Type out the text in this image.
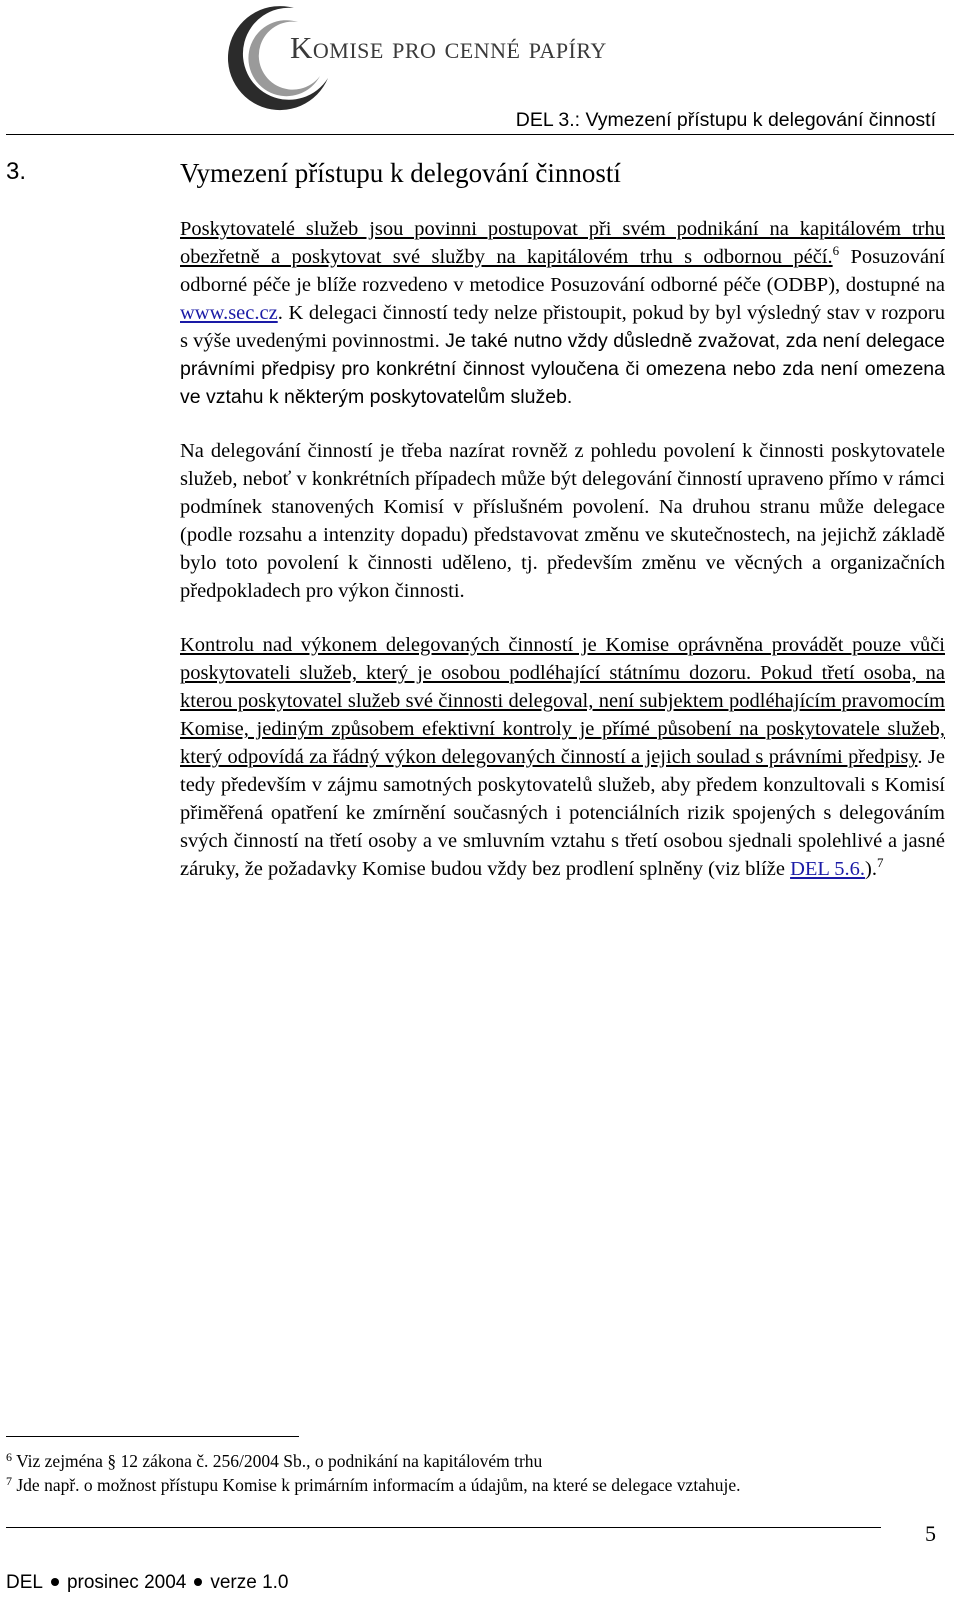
Komise pro cenné papíry
DEL 3.: Vymezení přístupu k delegování činností
3.	Vymezení přístupu k delegování činností

Poskytovatelé služeb jsou povinni postupovat při svém podnikání na kapitálovém trhu obezřetně a poskytovat své služby na kapitálovém trhu s odbornou péčí.$^6$ Posuzování odborné péče je blíže rozvedeno v metodice Posuzování odborné péče (ODBP), dostupné na www.sec.cz. K delegaci činností tedy nelze přistoupit, pokud by byl výsledný stav v rozporu s výše uvedenými povinnostmi. Je také nutno vždy důsledně zvažovat, zda není delegace právními předpisy pro konkrétní činnost vyloučena či omezena nebo zda není omezena ve vztahu k některým poskytovatelům služeb.

Na delegování činností je třeba nazírat rovněž z pohledu povolení k činnosti poskytovatele služeb, neboť v konkrétních případech může být delegování činností upraveno přímo v rámci podmínek stanovených Komisí v příslušném povolení. Na druhou stranu může delegace (podle rozsahu a intenzity dopadu) představovat změnu ve skutečnostech, na jejichž základě bylo toto povolení k činnosti uděleno, tj. především změnu ve věcných a organizačních předpokladech pro výkon činnosti.

Kontrolu nad výkonem delegovaných činností je Komise oprávněna provádět pouze vůči poskytovateli služeb, který je osobou podléhající státnímu dozoru. Pokud třetí osoba, na kterou poskytovatel služeb své činnosti delegoval, není subjektem podléhajícím pravomocím Komise, jediným způsobem efektivní kontroly je přímé působení na poskytovatele služeb, který odpovídá za řádný výkon delegovaných činností a jejich soulad s právními předpisy. Je tedy především v zájmu samotných poskytovatelů služeb, aby předem konzultovali s Komisí přiměřená opatření ke zmírnění současných i potenciálních rizik spojených s delegováním svých činností na třetí osoby a ve smluvním vztahu s třetí osobou sjednali spolehlivé a jasné záruky, že požadavky Komise budou vždy bez prodlení splněny (viz blíže DEL 5.6.).$^7$

$^6$ Viz zejména § 12 zákona č. 256/2004 Sb., o podnikání na kapitálovém trhu
$^7$ Jde např. o možnost přístupu Komise k primárním informacím a údajům, na které se delegace vztahuje.
5
DEL prosinec 2004 verze 1.0
